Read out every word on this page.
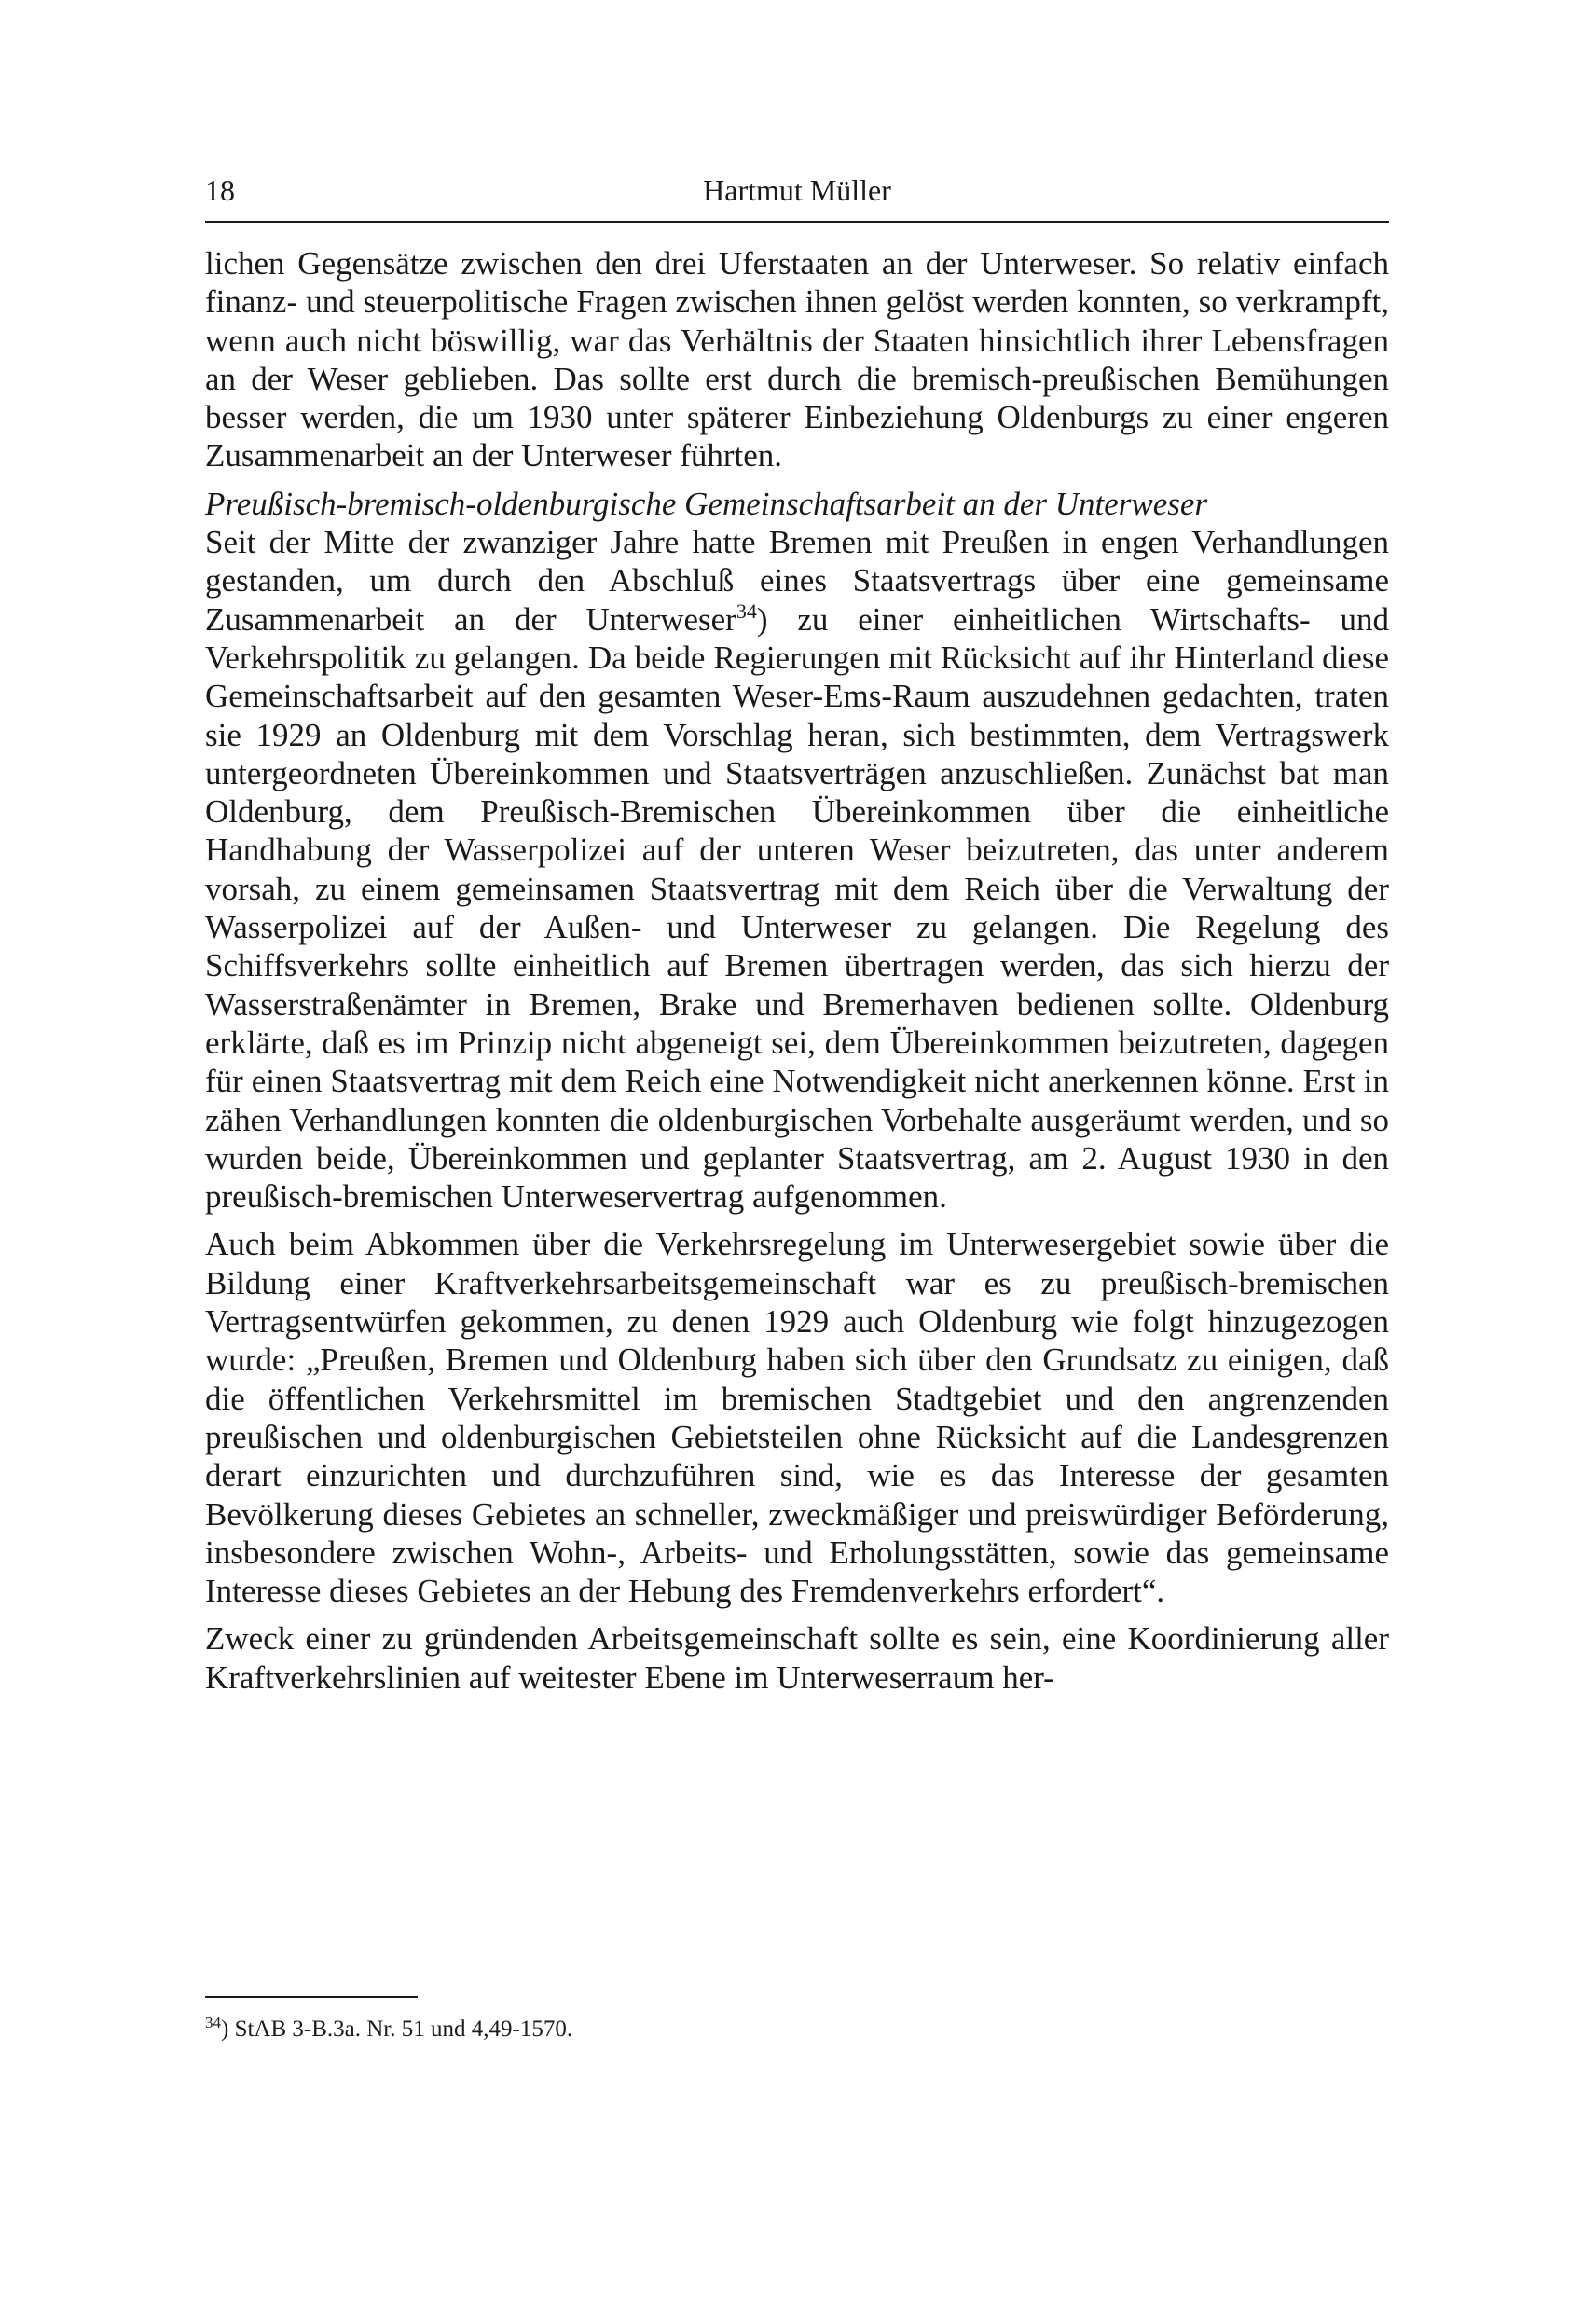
18	Hartmut Müller

lichen Gegensätze zwischen den drei Uferstaaten an der Unterweser. So relativ einfach finanz- und steuerpolitische Fragen zwischen ihnen gelöst werden konnten, so verkrampft, wenn auch nicht böswillig, war das Verhältnis der Staaten hinsichtlich ihrer Lebensfragen an der Weser geblieben. Das sollte erst durch die bremisch-preußischen Bemühungen besser werden, die um 1930 unter späterer Einbeziehung Oldenburgs zu einer engeren Zusammenarbeit an der Unterweser führten.

Preußisch-bremisch-oldenburgische Gemeinschaftsarbeit an der Unterweser

Seit der Mitte der zwanziger Jahre hatte Bremen mit Preußen in engen Verhandlungen gestanden, um durch den Abschluß eines Staatsvertrags über eine gemeinsame Zusammenarbeit an der Unterweser$^{34}$) zu einer einheitlichen Wirtschafts- und Verkehrspolitik zu gelangen. Da beide Regierungen mit Rücksicht auf ihr Hinterland diese Gemeinschaftsarbeit auf den gesamten Weser-Ems-Raum auszudehnen gedachten, traten sie 1929 an Oldenburg mit dem Vorschlag heran, sich bestimmten, dem Vertragswerk untergeordneten Übereinkommen und Staatsverträgen anzuschließen. Zunächst bat man Oldenburg, dem Preußisch-Bremischen Übereinkommen über die einheitliche Handhabung der Wasserpolizei auf der unteren Weser beizutreten, das unter anderem vorsah, zu einem gemeinsamen Staatsvertrag mit dem Reich über die Verwaltung der Wasserpolizei auf der Außen- und Unterweser zu gelangen. Die Regelung des Schiffsverkehrs sollte einheitlich auf Bremen übertragen werden, das sich hierzu der Wasserstraßenämter in Bremen, Brake und Bremerhaven bedienen sollte. Oldenburg erklärte, daß es im Prinzip nicht abgeneigt sei, dem Übereinkommen beizutreten, dagegen für einen Staatsvertrag mit dem Reich eine Notwendigkeit nicht anerkennen könne. Erst in zähen Verhandlungen konnten die oldenburgischen Vorbehalte ausgeräumt werden, und so wurden beide, Übereinkommen und geplanter Staatsvertrag, am 2. August 1930 in den preußisch-bremischen Unterweservertrag aufgenommen.

Auch beim Abkommen über die Verkehrsregelung im Unterwesergebiet sowie über die Bildung einer Kraftverkehrsarbeitsgemeinschaft war es zu preußisch-bremischen Vertragsentwürfen gekommen, zu denen 1929 auch Oldenburg wie folgt hinzugezogen wurde: „Preußen, Bremen und Oldenburg haben sich über den Grundsatz zu einigen, daß die öffentlichen Verkehrsmittel im bremischen Stadtgebiet und den angrenzenden preußischen und oldenburgischen Gebietsteilen ohne Rücksicht auf die Landesgrenzen derart einzurichten und durchzuführen sind, wie es das Interesse der gesamten Bevölkerung dieses Gebietes an schneller, zweckmäßiger und preiswürdiger Beförderung, insbesondere zwischen Wohn-, Arbeits- und Erholungsstätten, sowie das gemeinsame Interesse dieses Gebietes an der Hebung des Fremdenverkehrs erfordert“.

Zweck einer zu gründenden Arbeitsgemeinschaft sollte es sein, eine Koordinierung aller Kraftverkehrslinien auf weitester Ebene im Unterweserraum her-

$^{34}$) StAB 3-B.3a. Nr. 51 und 4,49-1570.
